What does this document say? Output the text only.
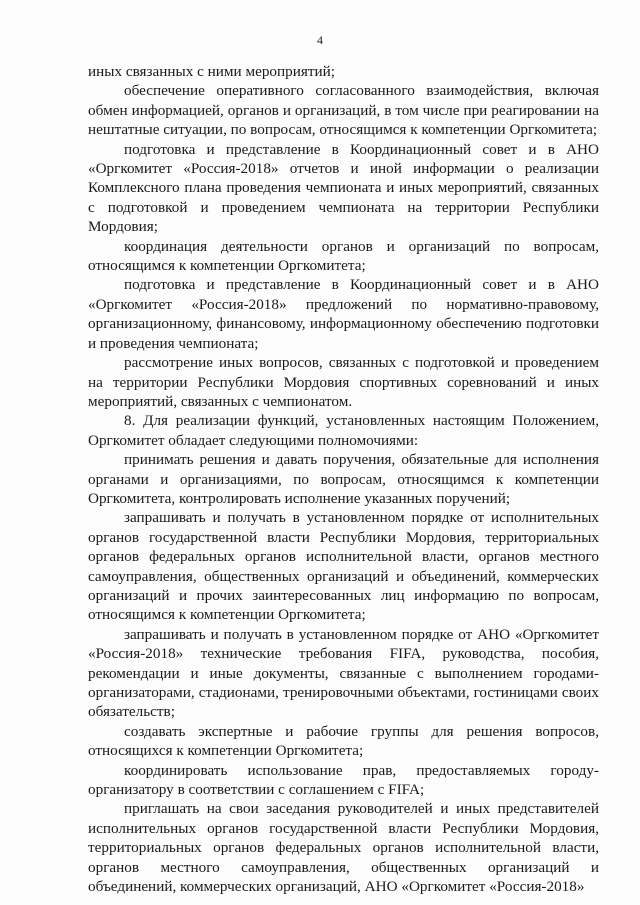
4

иных связанных с ними мероприятий;

обеспечение оперативного согласованного взаимодействия, включая обмен информацией, органов и организаций, в том числе при реагировании на нештатные ситуации, по вопросам, относящимся к компетенции Оргкомитета;

подготовка и представление в Координационный совет и в АНО «Оргкомитет «Россия-2018» отчетов и иной информации о реализации Комплексного плана проведения чемпионата и иных мероприятий, связанных с подготовкой и проведением чемпионата на территории Республики Мордовия;

координация деятельности органов и организаций по вопросам, относящимся к компетенции Оргкомитета;

подготовка и представление в Координационный совет и в АНО «Оргкомитет «Россия-2018» предложений по нормативно-правовому, организационному, финансовому, информационному обеспечению подготовки и проведения чемпионата;

рассмотрение иных вопросов, связанных с подготовкой и проведением на территории Республики Мордовия спортивных соревнований и иных мероприятий, связанных с чемпионатом.

8. Для реализации функций, установленных настоящим Положением, Оргкомитет обладает следующими полномочиями:

принимать решения и давать поручения, обязательные для исполнения органами и организациями, по вопросам, относящимся к компетенции Оргкомитета, контролировать исполнение указанных поручений;

запрашивать и получать в установленном порядке от исполнительных органов государственной власти Республики Мордовия, территориальных органов федеральных органов исполнительной власти, органов местного самоуправления, общественных организаций и объединений, коммерческих организаций и прочих заинтересованных лиц информацию по вопросам, относящимся к компетенции Оргкомитета;

запрашивать и получать в установленном порядке от АНО «Оргкомитет «Россия-2018» технические требования FIFA, руководства, пособия, рекомендации и иные документы, связанные с выполнением городами-организаторами, стадионами, тренировочными объектами, гостиницами своих обязательств;

создавать экспертные и рабочие группы для решения вопросов, относящихся к компетенции Оргкомитета;

координировать использование прав, предоставляемых городу-организатору в соответствии с соглашением с FIFA;

приглашать на свои заседания руководителей и иных представителей исполнительных органов государственной власти Республики Мордовия, территориальных органов федеральных органов исполнительной власти, органов местного самоуправления, общественных организаций и объединений, коммерческих организаций, АНО «Оргкомитет «Россия-2018»
